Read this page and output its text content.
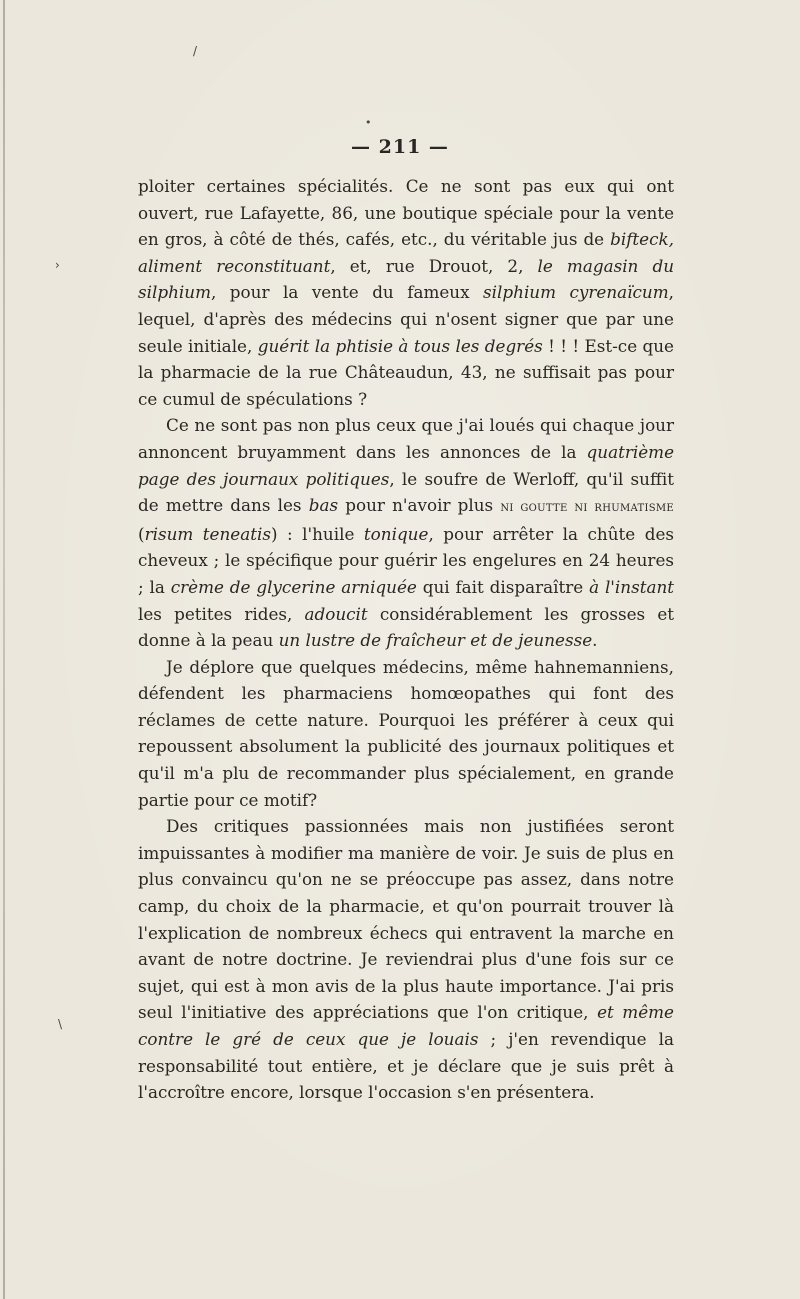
/
•
›
\
— 211 —

ploiter certaines spécialités. Ce ne sont pas eux qui ont ouvert, rue Lafayette, 86, une boutique spéciale pour la vente en gros, à côté de thés, cafés, etc., du véritable jus de bifteck, aliment reconstituant, et, rue Drouot, 2, le magasin du silphium, pour la vente du fameux silphium cyrenaïcum, lequel, d'après des médecins qui n'osent signer que par une seule initiale, guérit la phtisie à tous les degrés ! ! ! Est-ce que la pharmacie de la rue Châteaudun, 43, ne suffisait pas pour ce cumul de spéculations ?

Ce ne sont pas non plus ceux que j'ai loués qui chaque jour annoncent bruyamment dans les annonces de la quatrième page des journaux politiques, le soufre de Werloff, qu'il suffit de mettre dans les bas pour n'avoir plus ni goutte ni rhumatisme (risum teneatis) : l'huile tonique, pour arrêter la chûte des cheveux ; le spécifique pour guérir les engelures en 24 heures ; la crème de glycerine arniquée qui fait disparaître à l'instant les petites rides, adoucit considérablement les grosses et donne à la peau un lustre de fraîcheur et de jeunesse.

Je déplore que quelques médecins, même hahnemanniens, défendent les pharmaciens homœopathes qui font des réclames de cette nature. Pourquoi les préférer à ceux qui repoussent absolument la publicité des journaux politiques et qu'il m'a plu de recommander plus spécialement, en grande partie pour ce motif?

Des critiques passionnées mais non justifiées seront impuissantes à modifier ma manière de voir. Je suis de plus en plus convaincu qu'on ne se préoccupe pas assez, dans notre camp, du choix de la pharmacie, et qu'on pourrait trouver là l'explication de nombreux échecs qui entravent la marche en avant de notre doctrine. Je reviendrai plus d'une fois sur ce sujet, qui est à mon avis de la plus haute importance. J'ai pris seul l'initiative des appréciations que l'on critique, et même contre le gré de ceux que je louais ; j'en revendique la responsabilité tout entière, et je déclare que je suis prêt à l'accroître encore, lorsque l'occasion s'en présentera.
